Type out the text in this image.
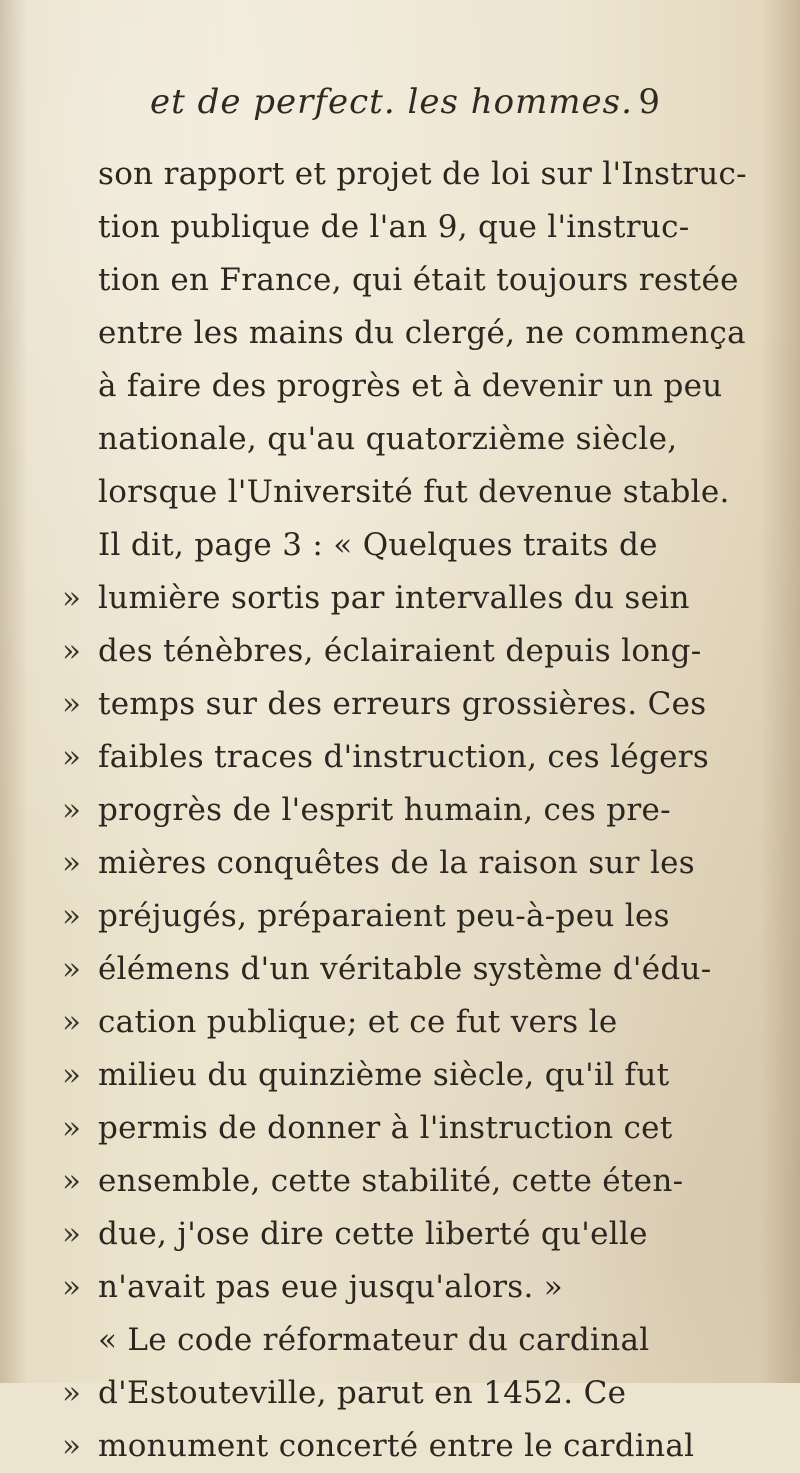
et de perfect. les hommes. 9
son rapport et projet de loi sur l'Instruc-
tion publique de l'an 9, que l'instruc-
tion en France, qui était toujours restée
entre les mains du clergé, ne commença
à faire des progrès et à devenir un peu
nationale, qu'au quatorzième siècle,
lorsque l'Université fut devenue stable.
Il dit, page 3 : « Quelques traits de
» lumière sortis par intervalles du sein
» des ténèbres, éclairaient depuis long-
» temps sur des erreurs grossières. Ces
» faibles traces d'instruction, ces légers
» progrès de l'esprit humain, ces pre-
» mières conquêtes de la raison sur les
» préjugés, préparaient peu-à-peu les
» élémens d'un véritable système d'édu-
» cation publique; et ce fut vers le
» milieu du quinzième siècle, qu'il fut
» permis de donner à l'instruction cet
» ensemble, cette stabilité, cette éten-
» due, j'ose dire cette liberté qu'elle
» n'avait pas eue jusqu'alors. »
« Le code réformateur du cardinal
» d'Estouteville, parut en 1452. Ce
» monument concerté entre le cardinal
